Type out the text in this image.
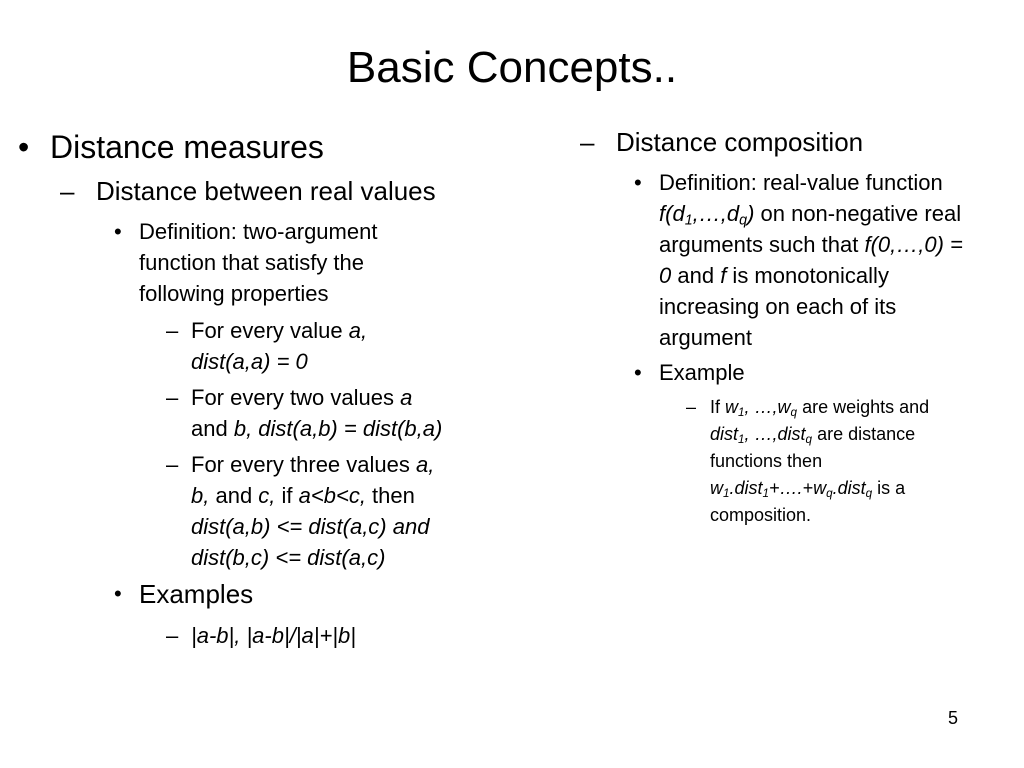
Basic Concepts..
• Distance measures
– Distance between real values
• Definition: two-argument
function that satisfy the
following properties
– For every value a,
dist(a,a) = 0
– For every two values a
and b, dist(a,b) = dist(b,a)
– For every three values a,
b, and c, if a<b<c, then
dist(a,b) <= dist(a,c) and
dist(b,c) <= dist(a,c)
• Examples
– |a-b|, |a-b|/|a|+|b|
– Distance composition
• Definition: real-value function
$f(d_1,\dots,d_q)$ on non-negative real
arguments such that f(0,…,0) =
0 and f is monotonically
increasing on each of its
argument
• Example
– If $w_1$, $\dots,w_q$ are weights and
dist$_1$, …,dist$_q$ are distance
functions then
$w_1.dist_1+\dots.+w_q.dist_q$ is a
composition.
5
